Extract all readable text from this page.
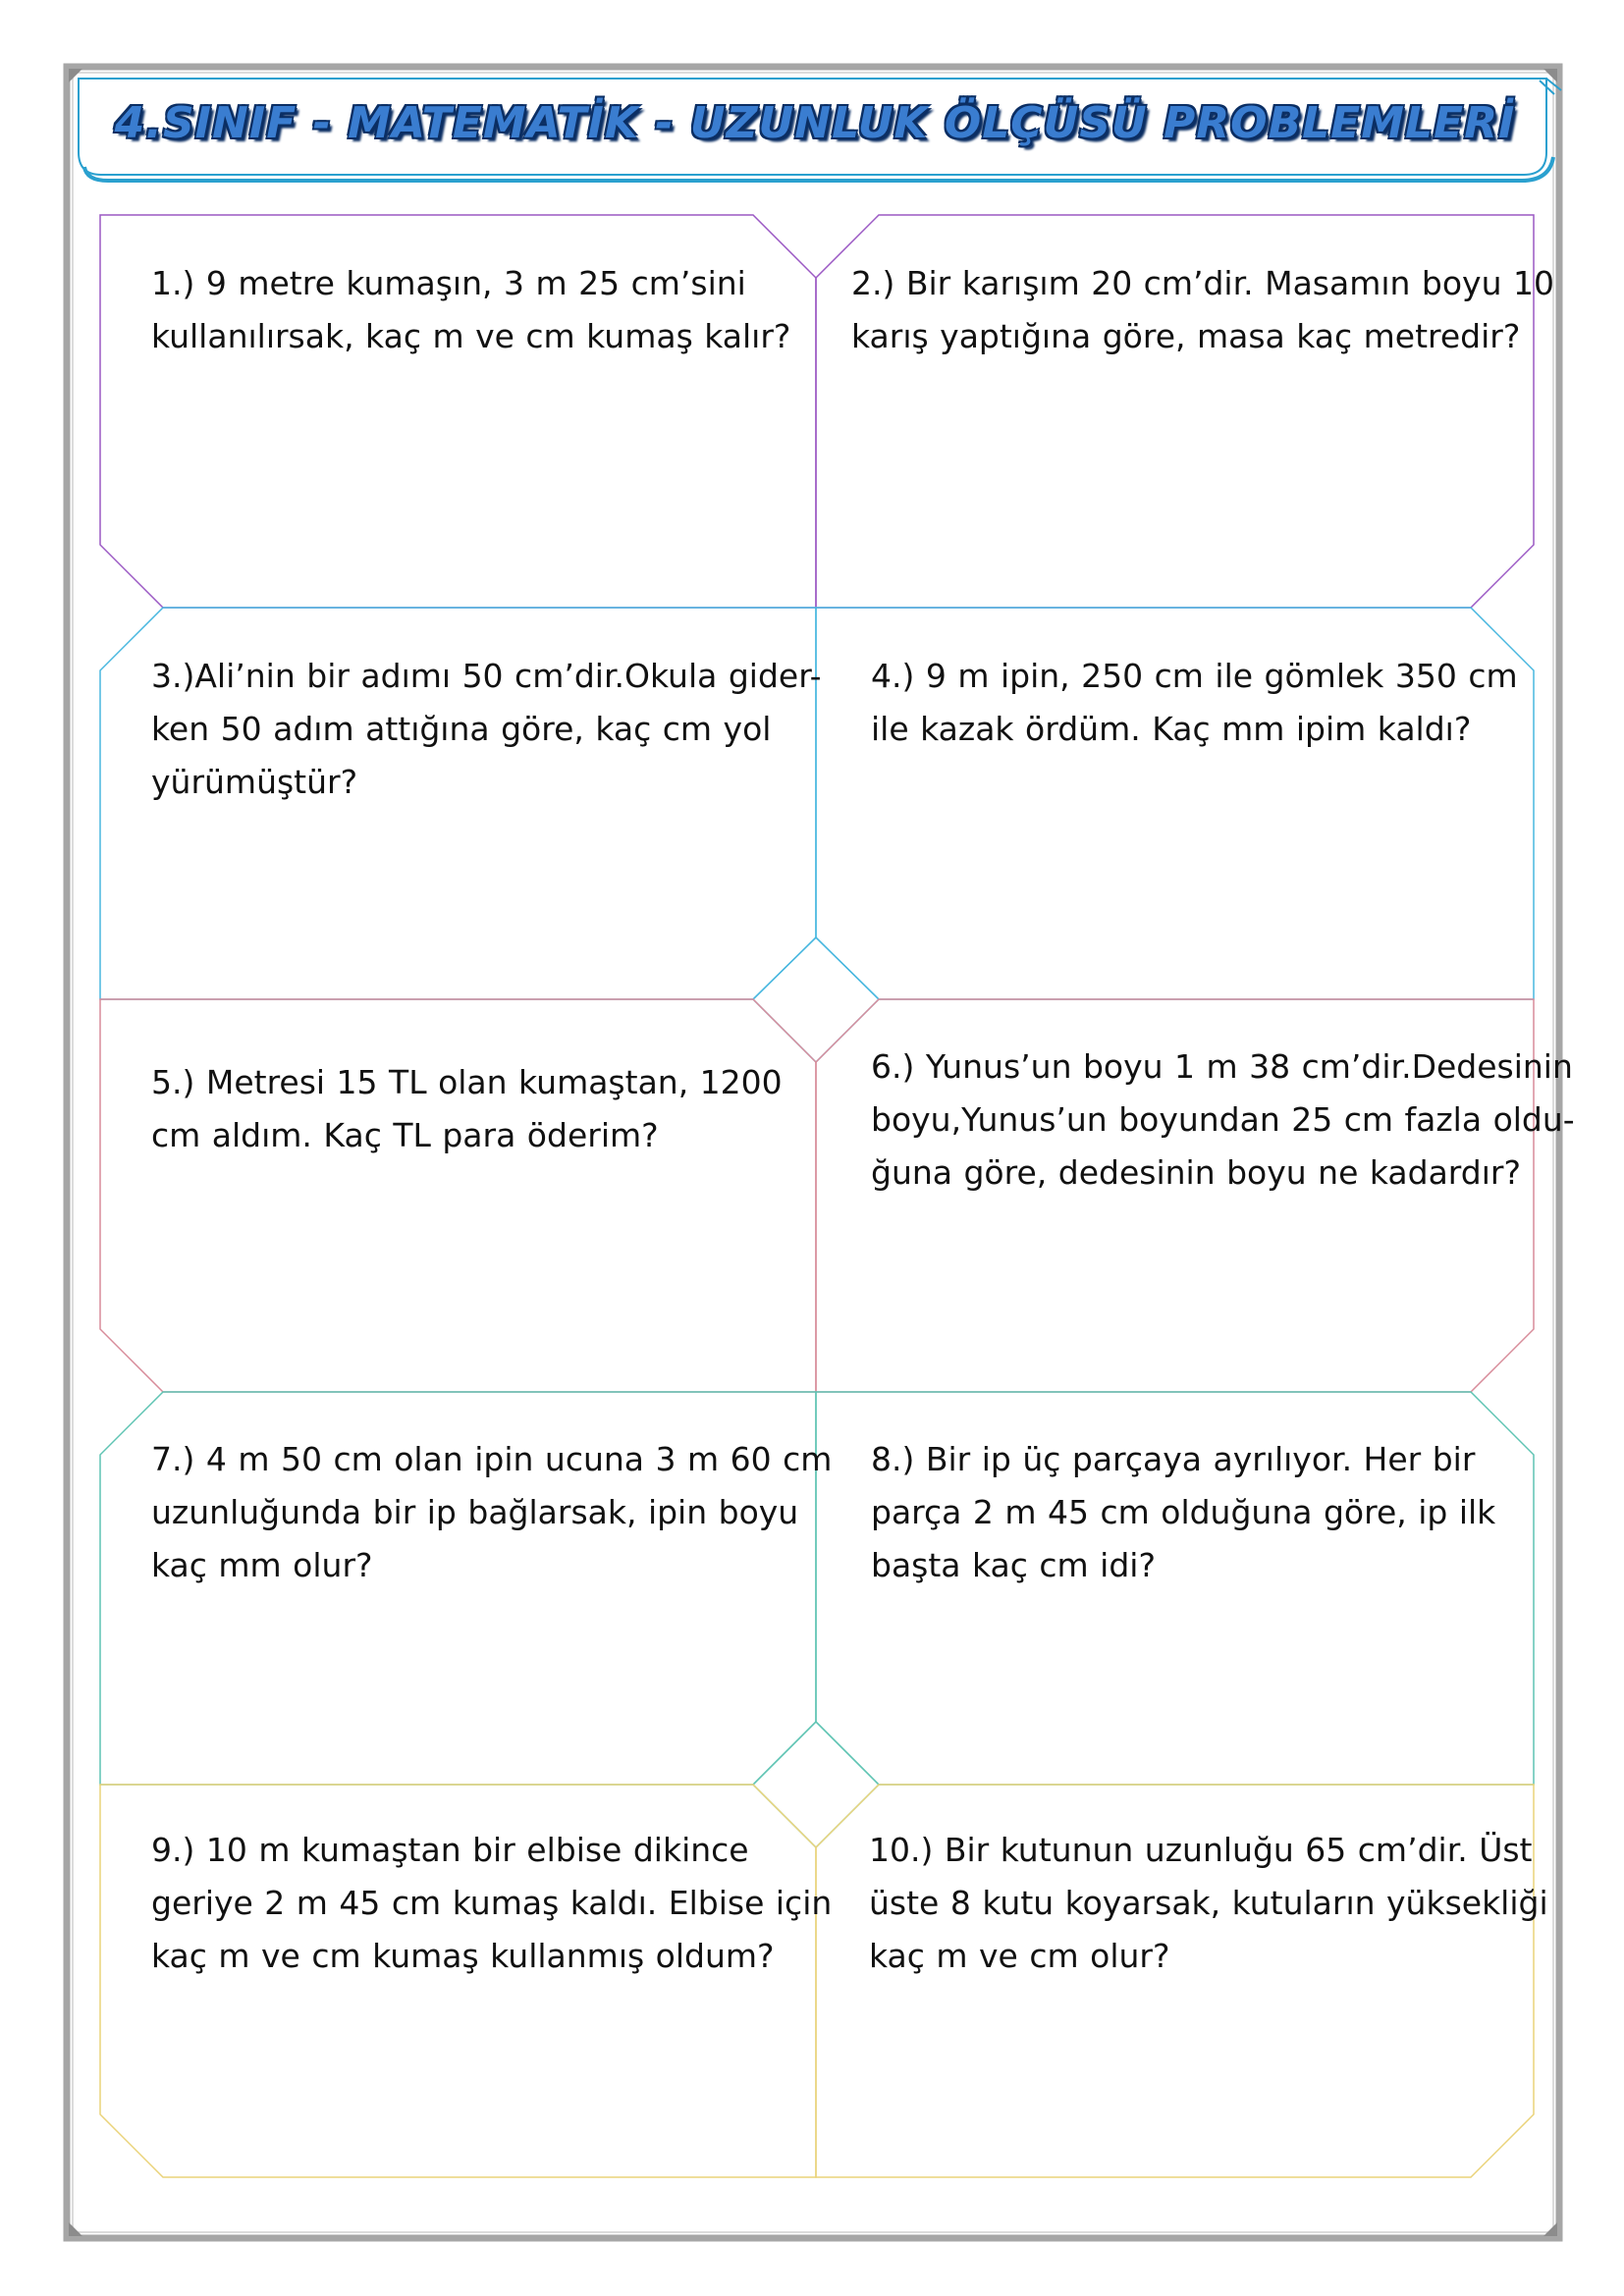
4.SINIF - MATEMATİK - UZUNLUK ÖLÇÜSÜ PROBLEMLERİ
1.) 9 metre kumaşın, 3 m 25 cm’sini
kullanılırsak, kaç m ve cm kumaş kalır?
2.) Bir karışım 20 cm’dir. Masamın boyu 10
karış yaptığına göre, masa kaç metredir?
3.)Ali’nin bir adımı 50 cm’dir.Okula gider-
ken 50 adım attığına göre, kaç cm yol
yürümüştür?
4.) 9 m ipin, 250 cm ile gömlek 350 cm
ile kazak ördüm. Kaç mm ipim kaldı?
5.) Metresi 15 TL olan kumaştan, 1200
cm aldım. Kaç TL para öderim?
6.) Yunus’un boyu 1 m 38 cm’dir.Dedesinin
boyu,Yunus’un boyundan 25 cm fazla oldu-
ğuna göre, dedesinin boyu ne kadardır?
7.) 4 m 50 cm olan ipin ucuna 3 m 60 cm
uzunluğunda bir ip bağlarsak, ipin boyu
kaç mm olur?
8.) Bir ip üç parçaya ayrılıyor. Her bir
parça 2 m 45 cm olduğuna göre, ip ilk
başta kaç cm idi?
9.) 10 m kumaştan bir elbise dikince
geriye 2 m 45 cm kumaş kaldı. Elbise için
kaç m ve cm kumaş kullanmış oldum?
10.) Bir kutunun uzunluğu 65 cm’dir. Üst
üste 8 kutu koyarsak, kutuların yüksekliği
kaç m ve cm olur?
